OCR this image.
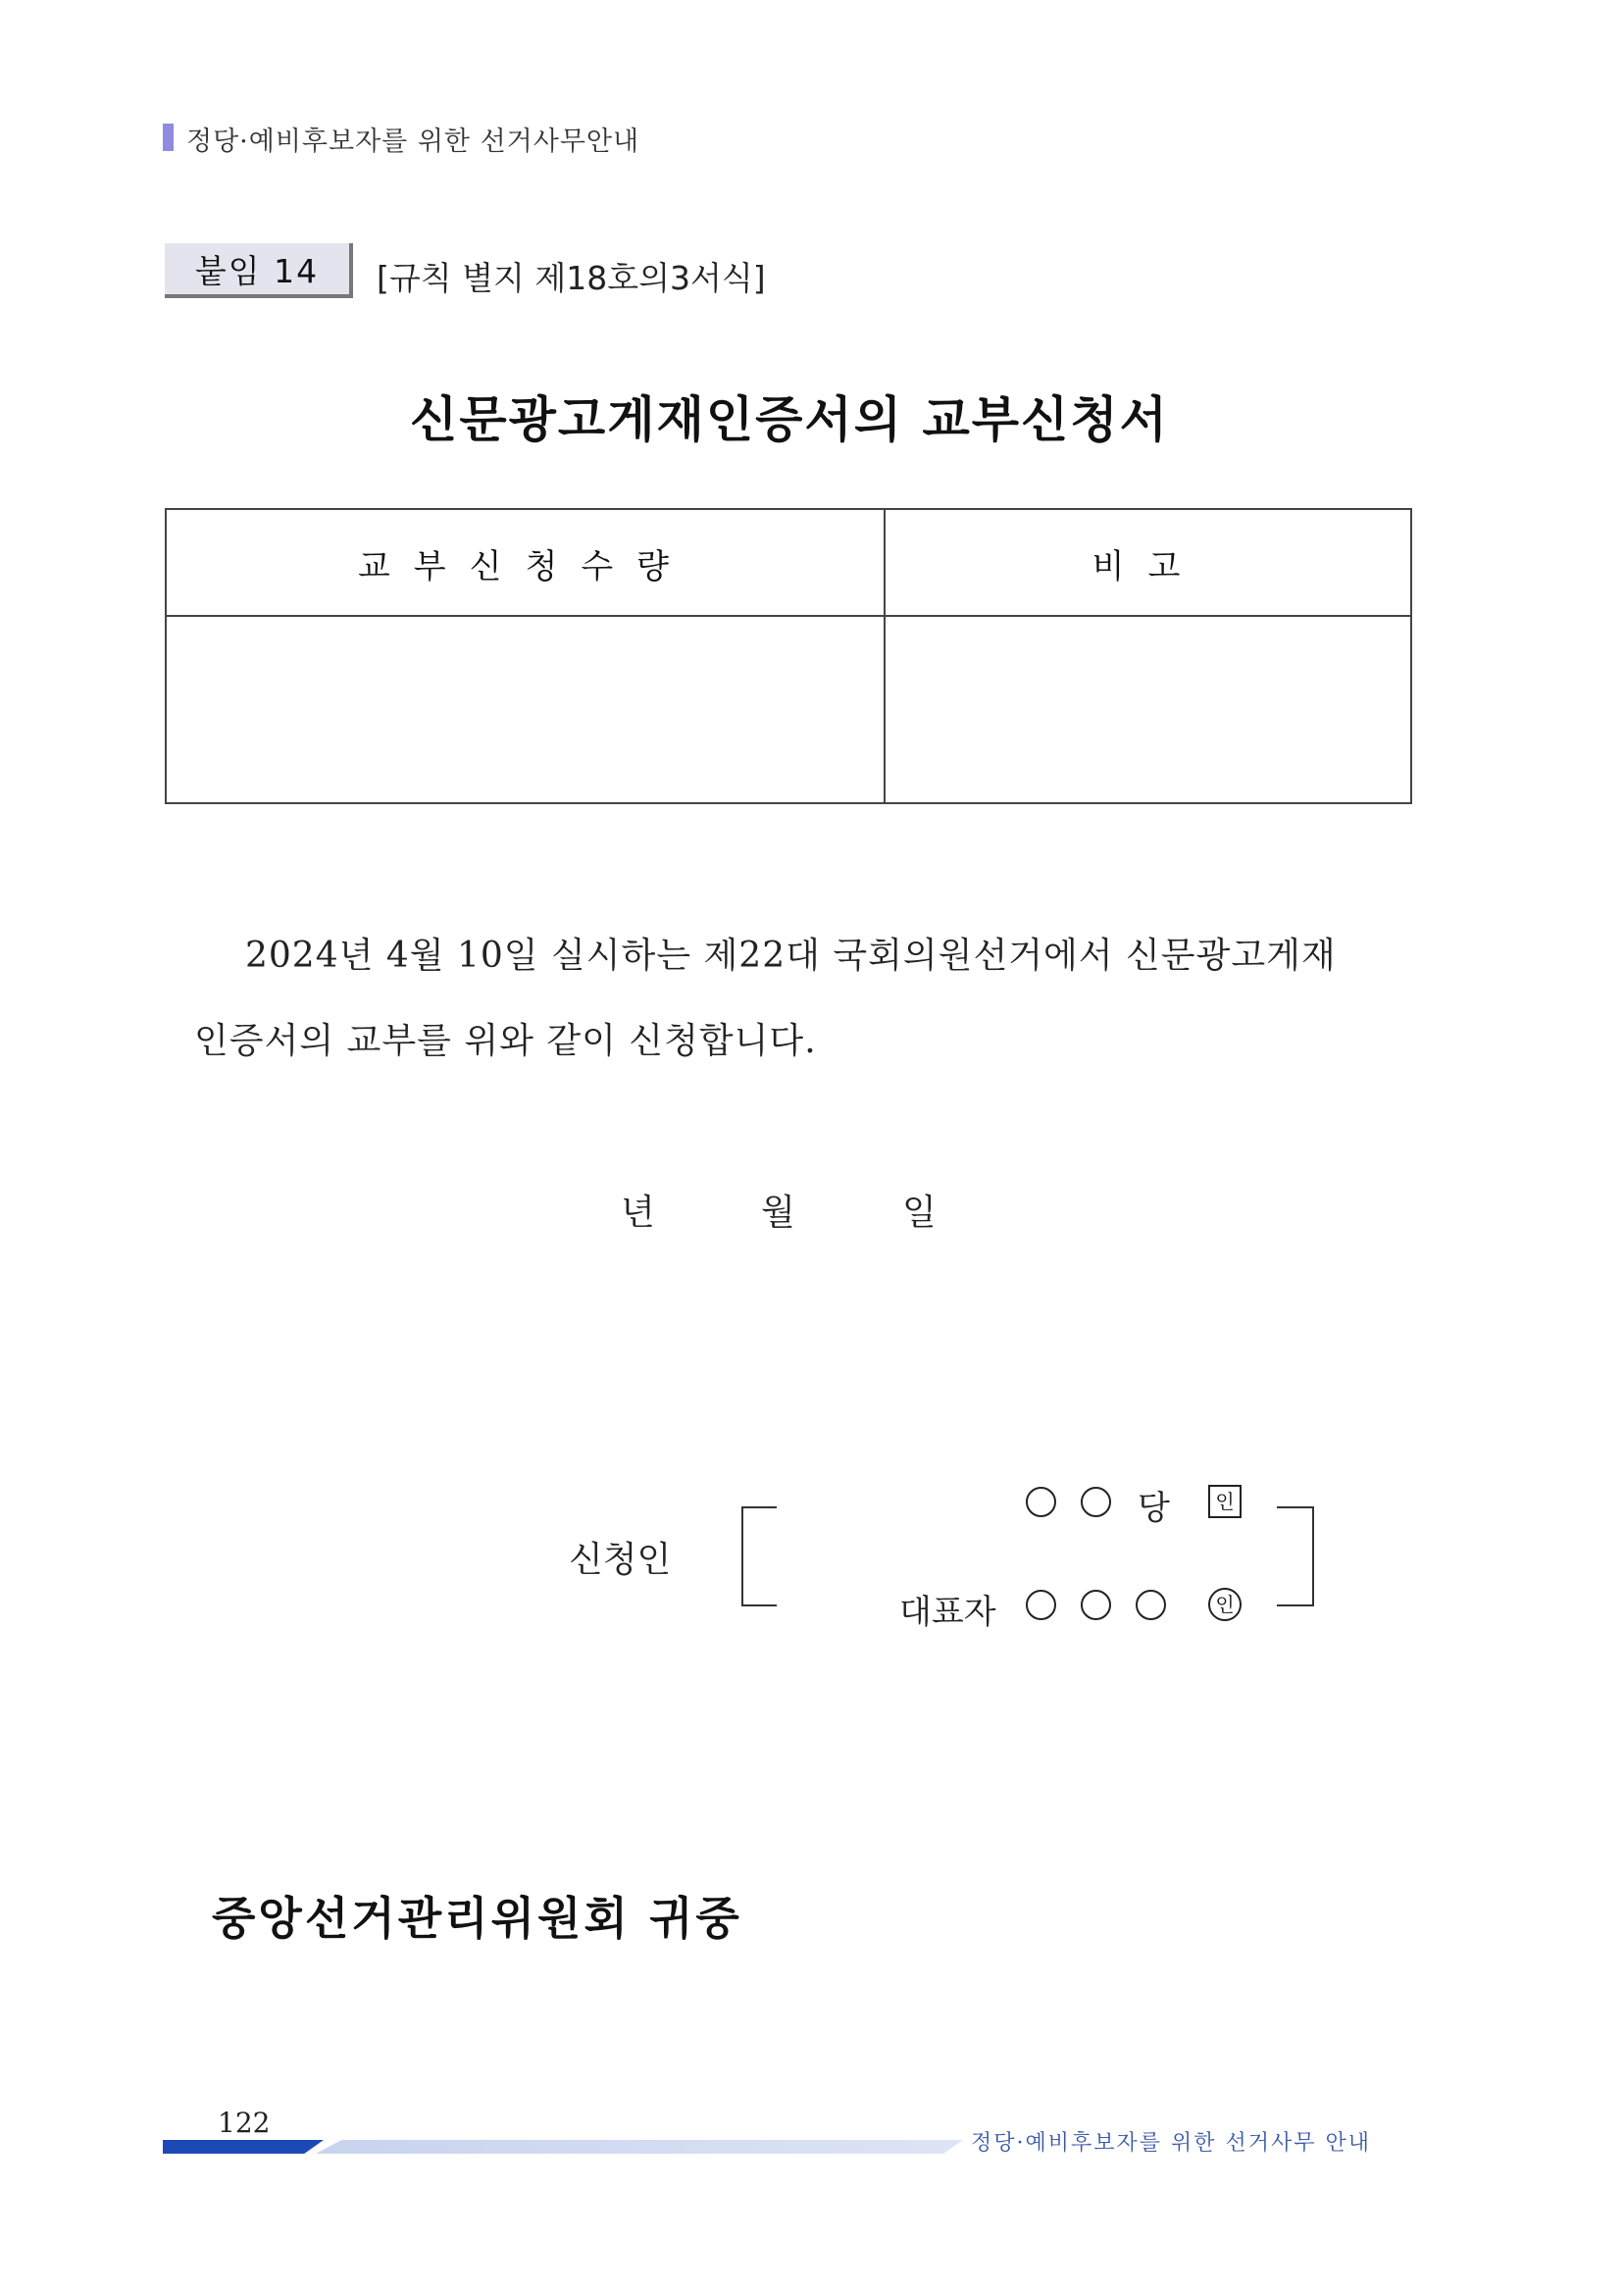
정당·예비후보자를 위한 선거사무안내
붙임 14	[규칙 별지 제18호의3서식]
신문광고게재인증서의 교부신청서
교부신청수량	비고
2024년 4월 10일 실시하는 제22대 국회의원선거에서 신문광고게재
인증서의 교부를 위와 같이 신청합니다.
년	월	일
신청인
당	인
대표자	인
중앙선거관리위원회 귀중
122
정당·예비후보자를 위한 선거사무 안내
